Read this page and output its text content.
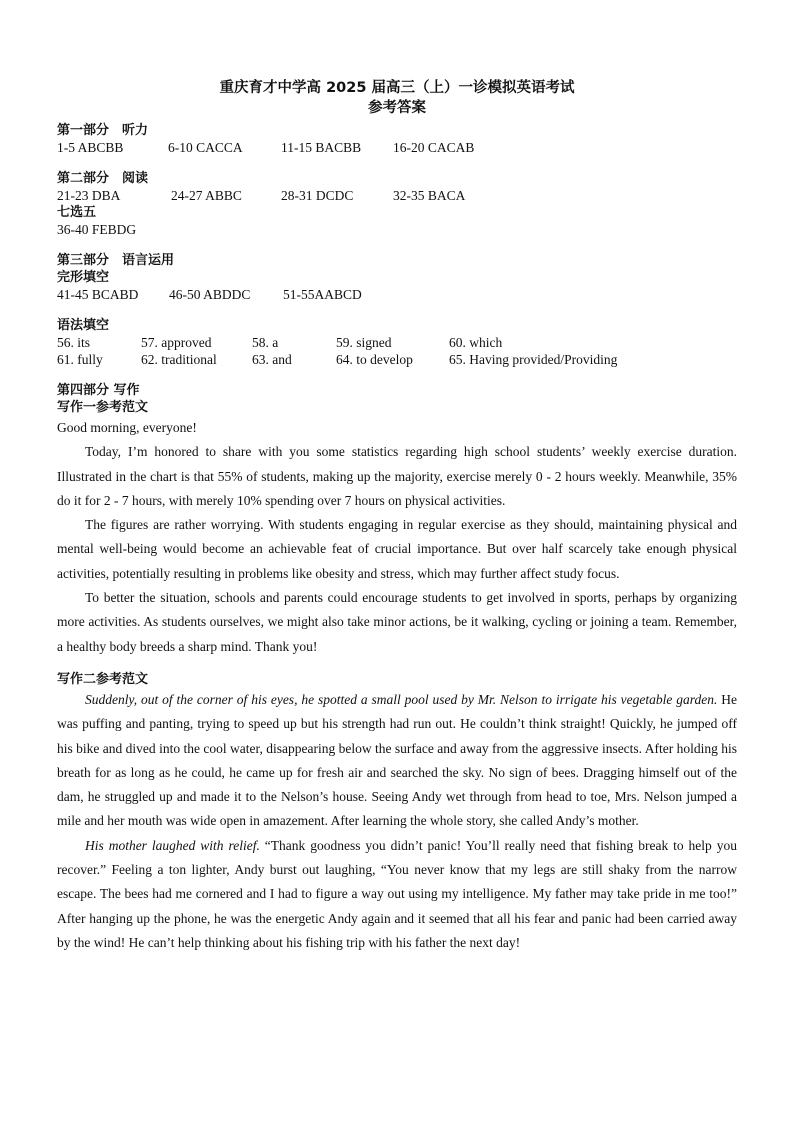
重庆育才中学高 2025 届高三（上）一诊模拟英语考试

参考答案

第一部分　听力

1-5 ABCBB	6-10 CACCA	11-15 BACBB 16-20 CACAB

第二部分　阅读

21-23 DBA	24-27 ABBC	28-31 DCDC	32-35 BACA

七选五

36-40 FEBDG

第三部分　语言运用

完形填空

41-45 BCABD 46-50 ABDDC 51-55AABCD

语法填空

56. its	57. approved	58. a	59. signed	60. which
61. fully	62. traditional	63. and	64. to develop	65. Having provided/Providing

第四部分 写作

写作一参考范文

Good morning, everyone!

Today, I’m honored to share with you some statistics regarding high school students’ weekly exercise duration. Illustrated in the chart is that 55% of students, making up the majority, exercise merely 0 - 2 hours weekly. Meanwhile, 35% do it for 2 - 7 hours, with merely 10% spending over 7 hours on physical activities.

The figures are rather worrying. With students engaging in regular exercise as they should, maintaining physical and mental well-being would become an achievable feat of crucial importance. But over half scarcely take enough physical activities, potentially resulting in problems like obesity and stress, which may further affect study focus.

To better the situation, schools and parents could encourage students to get involved in sports, perhaps by organizing more activities. As students ourselves, we might also take minor actions, be it walking, cycling or joining a team. Remember, a healthy body breeds a sharp mind. Thank you!

写作二参考范文

Suddenly, out of the corner of his eyes, he spotted a small pool used by Mr. Nelson to irrigate his vegetable garden. He was puffing and panting, trying to speed up but his strength had run out. He couldn’t think straight! Quickly, he jumped off his bike and dived into the cool water, disappearing below the surface and away from the aggressive insects. After holding his breath for as long as he could, he came up for fresh air and searched the sky. No sign of bees. Dragging himself out of the dam, he struggled up and made it to the Nelson’s house. Seeing Andy wet through from head to toe, Mrs. Nelson jumped a mile and her mouth was wide open in amazement. After learning the whole story, she called Andy’s mother.

His mother laughed with relief. “Thank goodness you didn’t panic! You’ll really need that fishing break to help you recover.” Feeling a ton lighter, Andy burst out laughing, “You never know that my legs are still shaky from the narrow escape. The bees had me cornered and I had to figure a way out using my intelligence. My father may take pride in me too!” After hanging up the phone, he was the energetic Andy again and it seemed that all his fear and panic had been carried away by the wind! He can’t help thinking about his fishing trip with his father the next day!
